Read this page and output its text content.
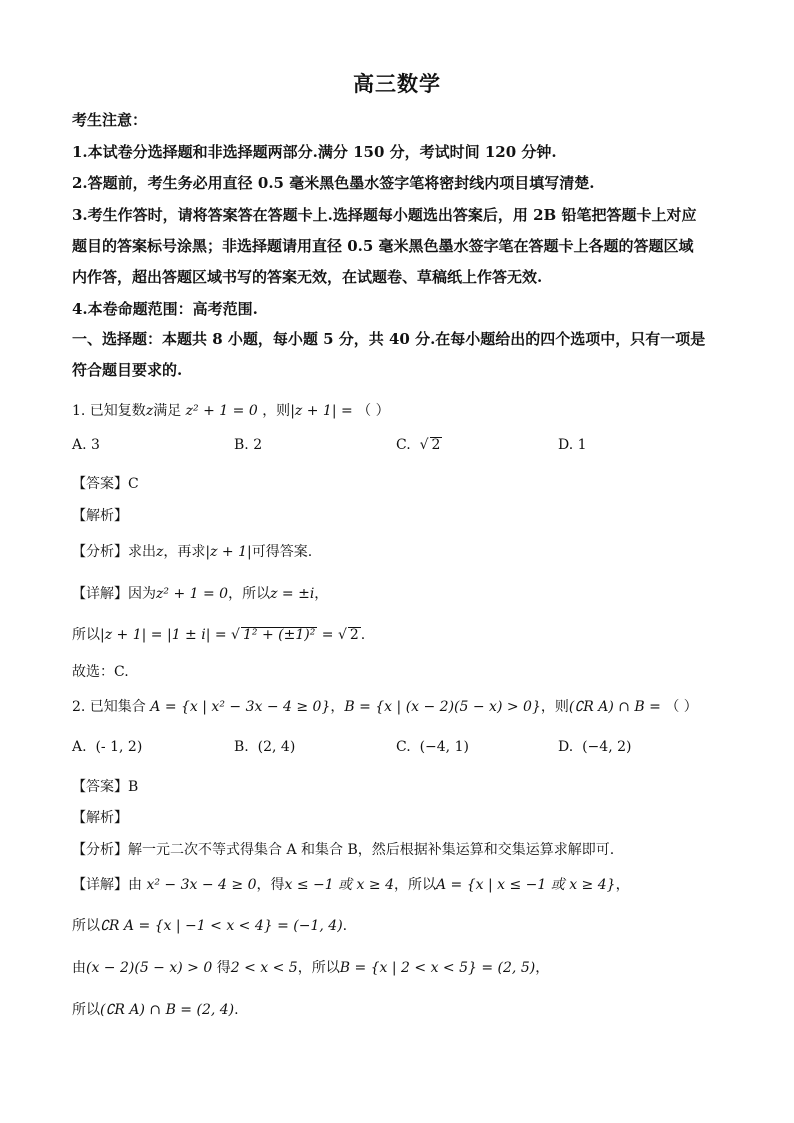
高三数学
考生注意：
1.本试卷分选择题和非选择题两部分.满分 150 分，考试时间 120 分钟.
2.答题前，考生务必用直径 0.5 毫米黑色墨水签字笔将密封线内项目填写清楚.
3.考生作答时，请将答案答在答题卡上.选择题每小题选出答案后，用 2B 铅笔把答题卡上对应
题目的答案标号涂黑；非选择题请用直径 0.5 毫米黑色墨水签字笔在答题卡上各题的答题区域
内作答，超出答题区域书写的答案无效，在试题卷、草稿纸上作答无效.
4.本卷命题范围：高考范围.
一、选择题：本题共 8 小题，每小题 5 分，共 40 分.在每小题给出的四个选项中，只有一项是
符合题目要求的.
1. 已知复数z满足 z² + 1 = 0 ，则|z + 1| = （ ）
A. 3	B. 2	C.  √ 2	D. 1
【答案】C
【解析】
【分析】求出z，再求|z + 1|可得答案.
【详解】因为z² + 1 = 0，所以z = ±i，
所以|z + 1| = |1 ± i| = √ 1² + (±1)² = √ 2 .
故选：C.
2. 已知集合 A = {x | x² − 3x − 4 ≥ 0}，B = {x | (x − 2)(5 − x) > 0}，则(∁R A) ∩ B = （ ）
A. (- 1, 2)	B. (2, 4)	C. (−4, 1)	D. (−4, 2)
【答案】B
【解析】
【分析】解一元二次不等式得集合 A 和集合 B，然后根据补集运算和交集运算求解即可.
【详解】由 x² − 3x − 4 ≥ 0，得x ≤ −1 或 x ≥ 4，所以A = {x | x ≤ −1 或 x ≥ 4}，
所以∁R A = {x | −1 < x < 4} = (−1, 4).
由(x − 2)(5 − x) > 0 得2 < x < 5，所以B = {x | 2 < x < 5} = (2, 5)，
所以(∁R A) ∩ B = (2, 4).
